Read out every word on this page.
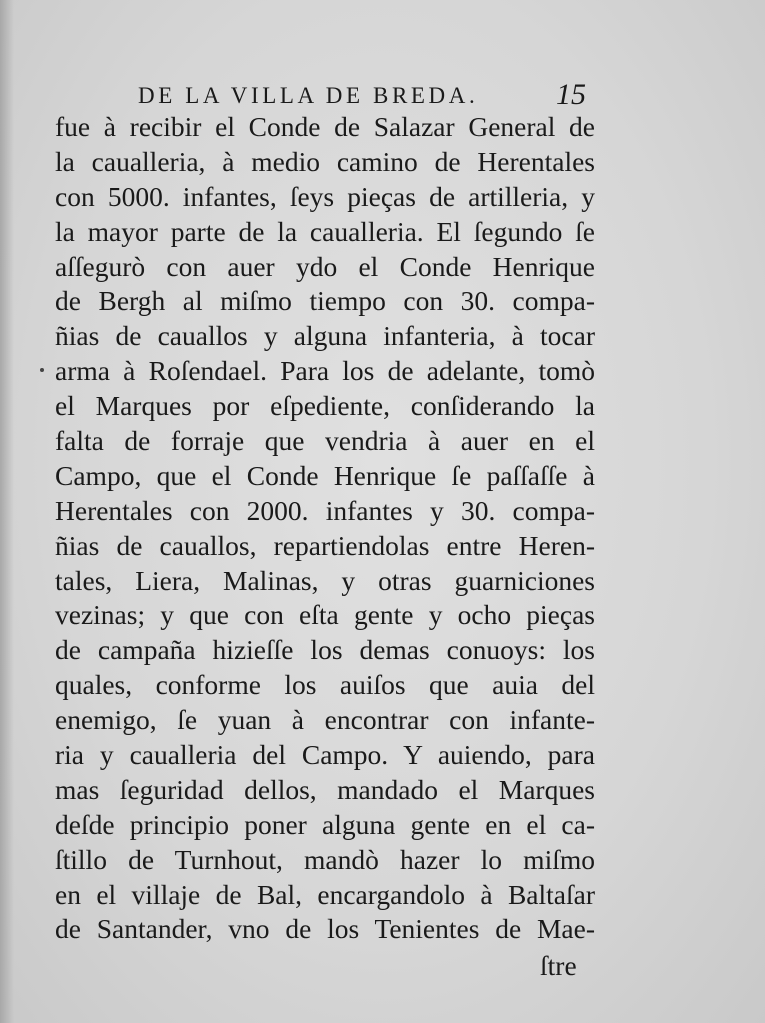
DE LA VILLA DE BREDA.	15
fue à recibir el Conde de Salazar General de
la caualleria, à medio camino de Herentales
con 5000. infantes, ſeys pieças de artilleria, y
la mayor parte de la caualleria. El ſegundo ſe
aſſegurò con auer ydo el Conde Henrique
de Bergh al miſmo tiempo con 30. compa-
ñias de cauallos y alguna infanteria, à tocar
arma à Roſendael. Para los de adelante, tomò
el Marques por eſpediente, conſiderando la
falta de forraje que vendria à auer en el
Campo, que el Conde Henrique ſe paſſaſſe à
Herentales con 2000. infantes y 30. compa-
ñias de cauallos, repartiendolas entre Heren-
tales, Liera, Malinas, y otras guarniciones
vezinas; y que con eſta gente y ocho pieças
de campaña hizieſſe los demas conuoys: los
quales, conforme los auiſos que auia del
enemigo, ſe yuan à encontrar con infante-
ria y caualleria del Campo. Y auiendo, para
mas ſeguridad dellos, mandado el Marques
deſde principio poner alguna gente en el ca-
ſtillo de Turnhout, mandò hazer lo miſmo
en el villaje de Bal, encargandolo à Baltaſar
de Santander, vno de los Tenientes de Mae-
ſtre
